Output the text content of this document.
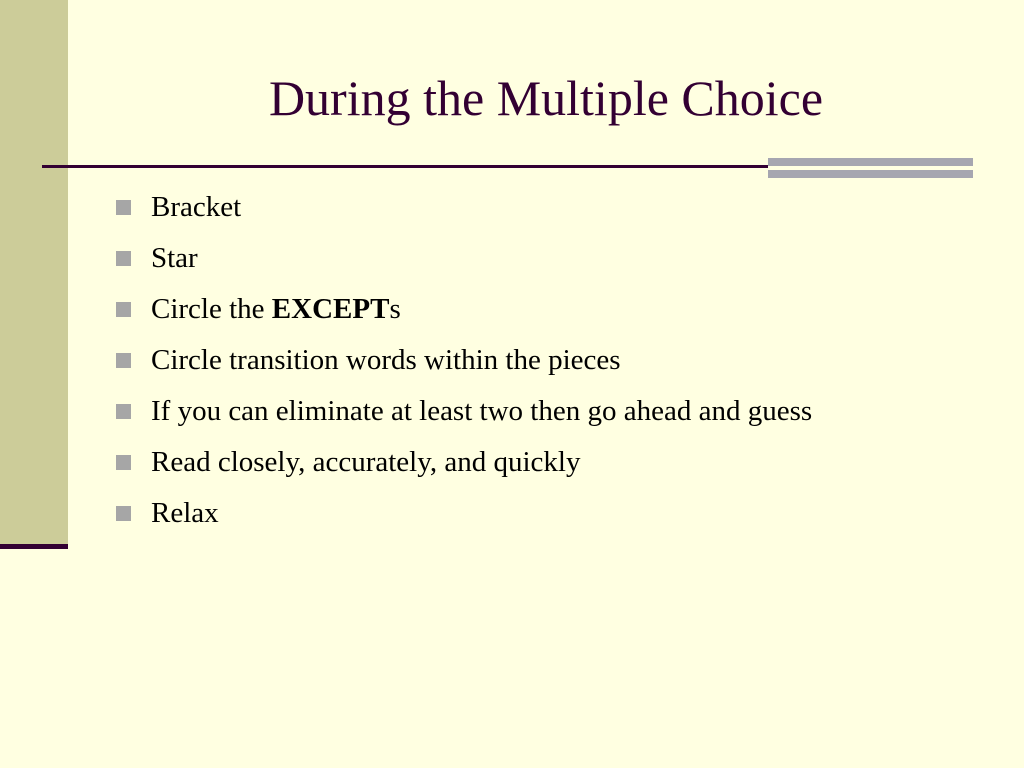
During the Multiple Choice
Bracket
Star
Circle the EXCEPTs
Circle transition words within the pieces
If you can eliminate at least two then go ahead and guess
Read closely, accurately, and quickly
Relax
